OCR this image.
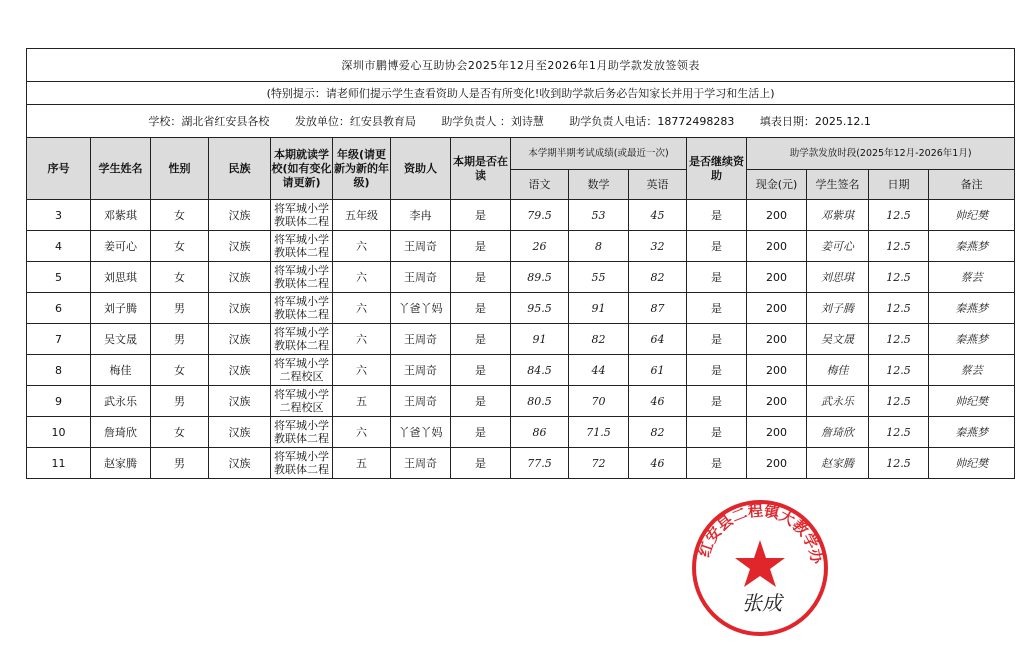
深圳市鹏博爱心互助协会2025年12月至2026年1月助学款发放签领表															
(特别提示：请老师们提示学生查看资助人是否有所变化!收到助学款后务必告知家长并用于学习和生活上)															
学校：湖北省红安县各校 发放单位：红安县教育局 助学负责人 ：刘诗慧 助学负责人电话：18772498283 填表日期：2025.12.1															
序号	学生姓名	性别	民族	本期就读学校(如有变化请更新)	年级(请更新为新的年级)	资助人	本期是否在读	本学期半期考试成绩(或最近一次)			是否继续资助	助学款发放时段(2025年12月-2026年1月)			
								语文	数学	英语		现金(元)	学生签名	日期	备注
3	邓紫琪	女	汉族	将军城小学教联体二程	五年级	李冉	是	79.5	53	45	是	200	邓紫琪	12.5	帅纪樊
4	姜可心	女	汉族	将军城小学教联体二程	六	王周奇	是	26	8	32	是	200	姜可心	12.5	秦燕梦
5	刘思琪	女	汉族	将军城小学教联体二程	六	王周奇	是	89.5	55	82	是	200	刘思琪	12.5	蔡芸
6	刘子腾	男	汉族	将军城小学教联体二程	六	丫爸丫妈	是	95.5	91	87	是	200	刘子腾	12.5	秦燕梦
7	吴文晟	男	汉族	将军城小学教联体二程	六	王周奇	是	91	82	64	是	200	吴文晟	12.5	秦燕梦
8	梅佳	女	汉族	将军城小学二程校区	六	王周奇	是	84.5	44	61	是	200	梅佳	12.5	蔡芸
9	武永乐	男	汉族	将军城小学二程校区	五	王周奇	是	80.5	70	46	是	200	武永乐	12.5	帅纪樊
10	詹琦欣	女	汉族	将军城小学教联体二程	六	丫爸丫妈	是	86	71.5	82	是	200	詹琦欣	12.5	秦燕梦
11	赵家腾	男	汉族	将军城小学教联体二程	五	王周奇	是	77.5	72	46	是	200	赵家腾	12.5	帅纪樊
红安县二程镇大教学办
张成
